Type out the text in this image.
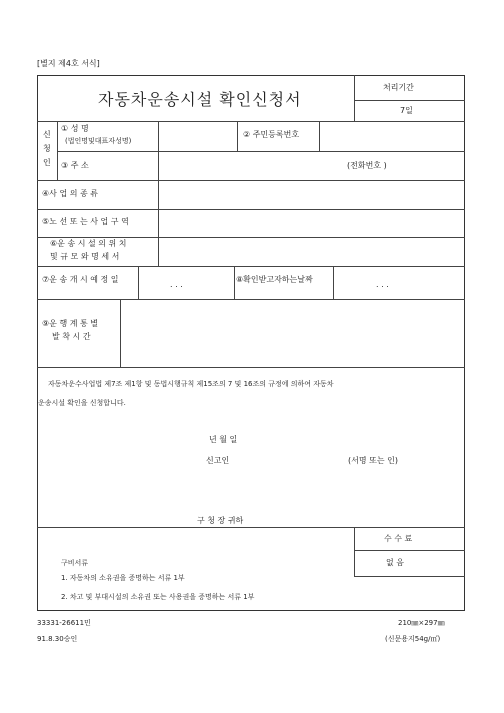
[별지 제4호 서식]
자동차운송시설 확인신청서
처리기간
7일
신
청
인
① 성 명
(법인명및대표자성명)
② 주민등록번호
③ 주 소	(전화번호 )
④사 업 의 종 류
⑤노 선 또 는 사 업 구 역
⑥운 송 시 설 의 위 치
및 규 모 와 명 세 서
⑦운 송 개 시 예 정 일
. . .
⑧확인받고자하는날짜
. . .
⑨운 행 계 통 별
발 착 시 간
자동차운수사업법 제7조 제1항 및 동법시행규칙 제15조의 7 및 16조의 규정에 의하여 자동차
운송시설 확인을 신청합니다.
년 월 일
신고인	(서명 또는 인)
구 청 장 귀하
수 수 료
없 음
구비서류
1. 자동차의 소유권을 증명하는 서류 1부
2. 차고 및 부대시설의 소유권 또는 사용권을 증명하는 서류 1부
33331-26611민
91.8.30승인
210㎜×297㎜
(신문용지54g/㎡)
